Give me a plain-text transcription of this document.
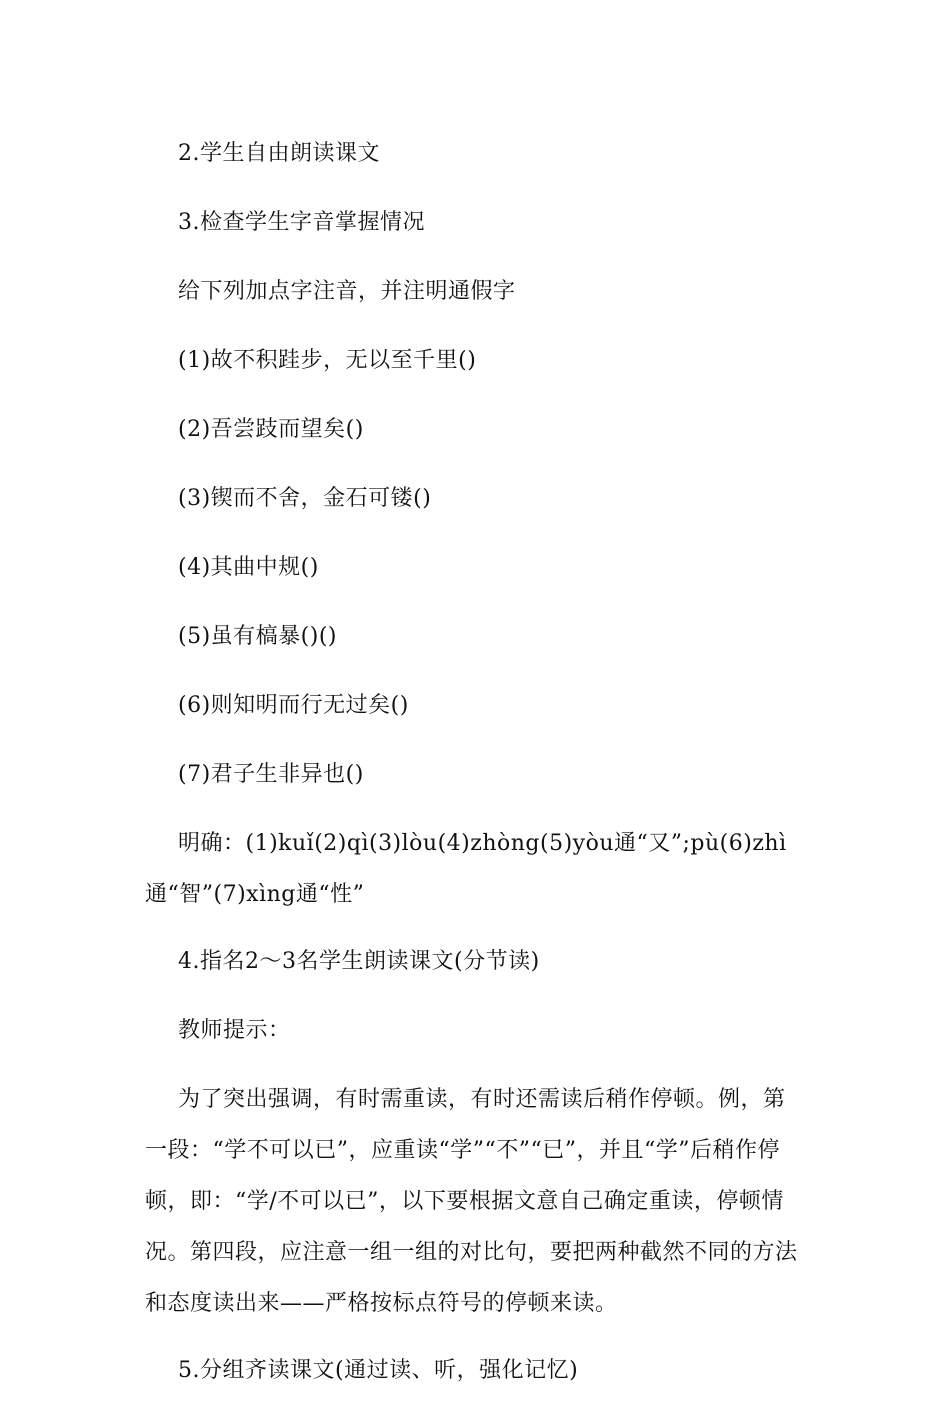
2.学生自由朗读课文

3.检查学生字音掌握情况

给下列加点字注音，并注明通假字

(1)故不积跬步，无以至千里()

(2)吾尝跂而望矣()

(3)锲而不舍，金石可镂()

(4)其曲中规()

(5)虽有槁暴()()

(6)则知明而行无过矣()

(7)君子生非异也()

明确：(1)kuǐ(2)qì(3)lòu(4)zhòng(5)yòu通“又”;pù(6)zhì通“智”(7)xìng通“性”

4.指名2～3名学生朗读课文(分节读)

教师提示：

为了突出强调，有时需重读，有时还需读后稍作停顿。例，第一段：“学不可以已”，应重读“学”“不”“已”，并且“学”后稍作停顿，即：“学/不可以已”，以下要根据文意自己确定重读，停顿情况。第四段，应注意一组一组的对比句，要把两种截然不同的方法和态度读出来——严格按标点符号的停顿来读。

5.分组齐读课文(通过读、听，强化记忆)
